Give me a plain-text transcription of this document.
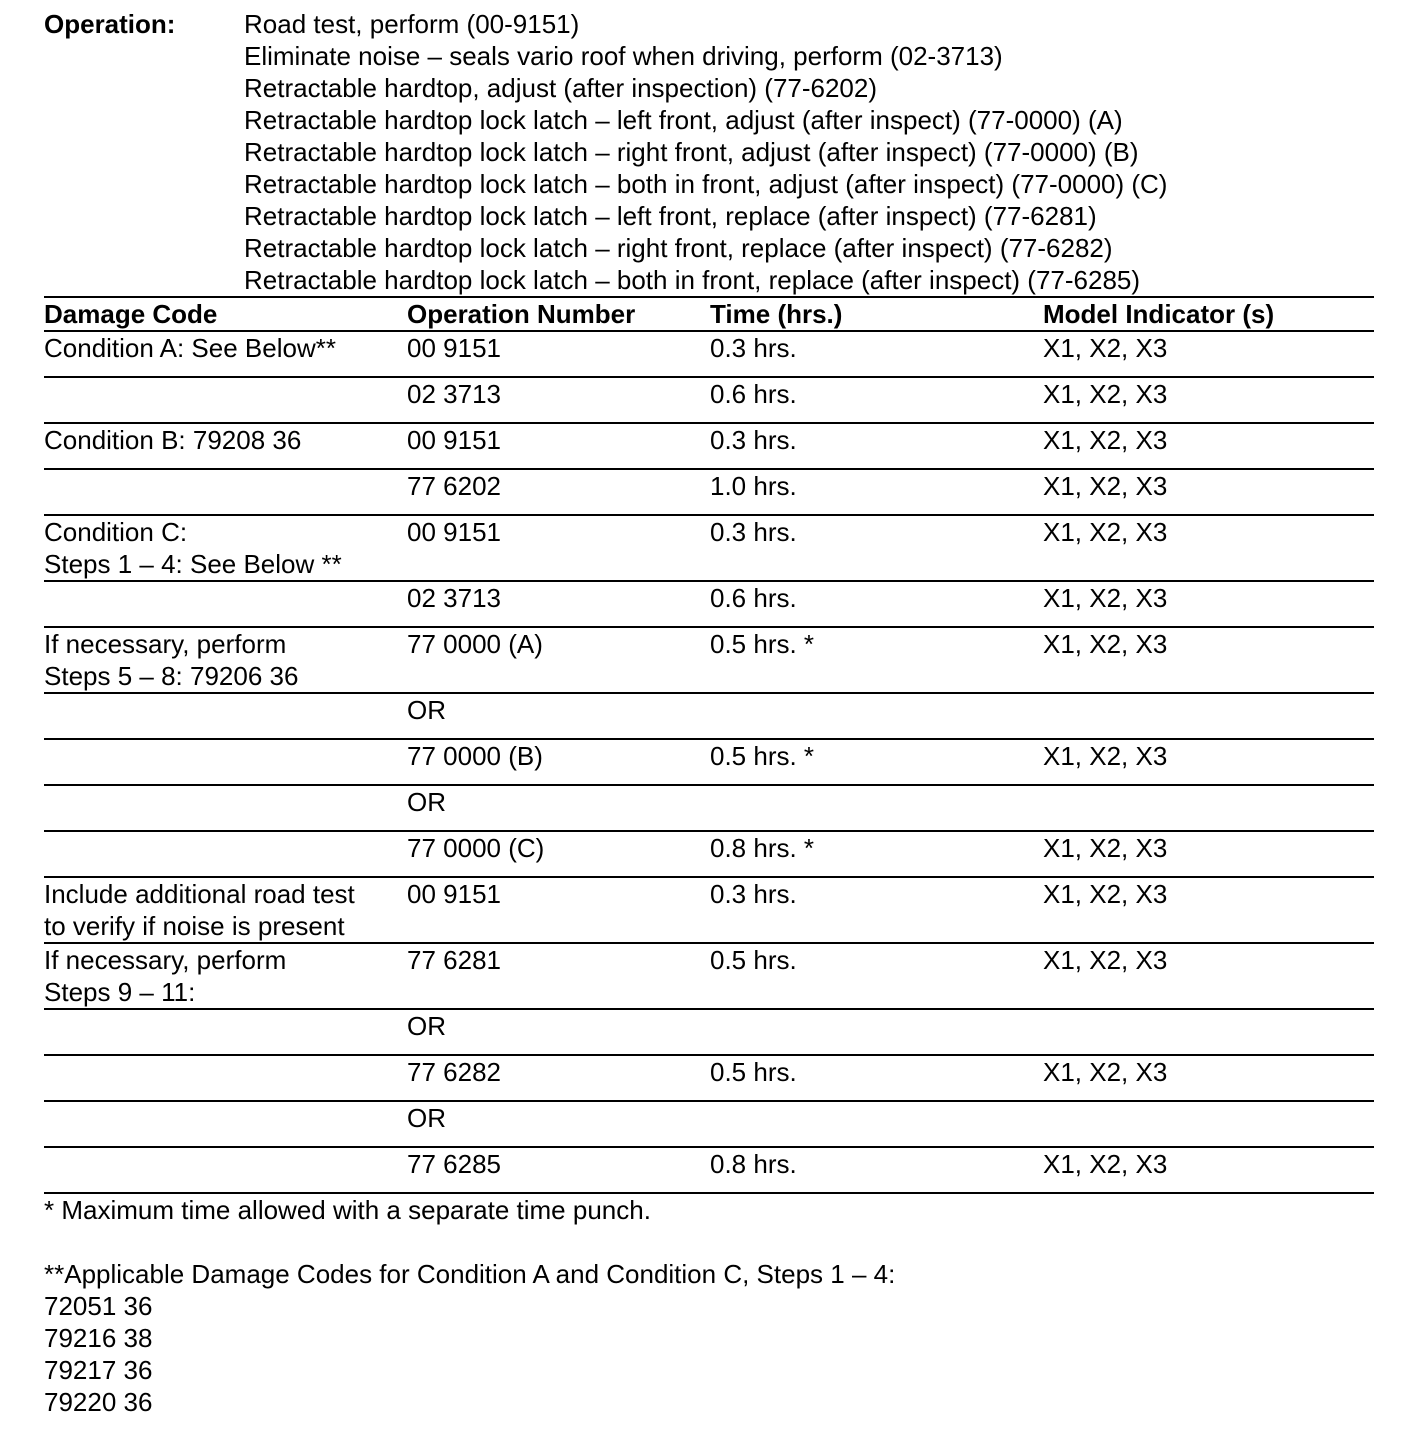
Operation:	Road test, perform (00-9151)
Eliminate noise – seals vario roof when driving, perform (02-3713)
Retractable hardtop, adjust (after inspection) (77-6202)
Retractable hardtop lock latch – left front, adjust (after inspect) (77-0000) (A)
Retractable hardtop lock latch – right front, adjust (after inspect) (77-0000) (B)
Retractable hardtop lock latch – both in front, adjust (after inspect) (77-0000) (C)
Retractable hardtop lock latch – left front, replace (after inspect) (77-6281)
Retractable hardtop lock latch – right front, replace (after inspect) (77-6282)
Retractable hardtop lock latch – both in front, replace (after inspect) (77-6285)
Damage Code	Operation Number	Time (hrs.)	Model Indicator (s)

Condition A: See Below**	00 9151	0.3 hrs.	X1, X2, X3

	02 3713	0.6 hrs.	X1, X2, X3

Condition B: 79208 36	00 9151	0.3 hrs.	X1, X2, X3

	77 6202	1.0 hrs.	X1, X2, X3

Condition C:
Steps 1 – 4: See Below **	00 9151	0.3 hrs.	X1, X2, X3

	02 3713	0.6 hrs.	X1, X2, X3

If necessary, perform
Steps 5 – 8: 79206 36	77 0000 (A)	0.5 hrs. *	X1, X2, X3

	OR		

	77 0000 (B)	0.5 hrs. *	X1, X2, X3

	OR		

	77 0000 (C)	0.8 hrs. *	X1, X2, X3

Include additional road test
to verify if noise is present	00 9151	0.3 hrs.	X1, X2, X3

If necessary, perform
Steps 9 – 11:	77 6281	0.5 hrs.	X1, X2, X3

	OR		

	77 6282	0.5 hrs.	X1, X2, X3

	OR		

	77 6285	0.8 hrs.	X1, X2, X3
* Maximum time allowed with a separate time punch.
**Applicable Damage Codes for Condition A and Condition C, Steps 1 – 4:
72051 36
79216 38
79217 36
79220 36
